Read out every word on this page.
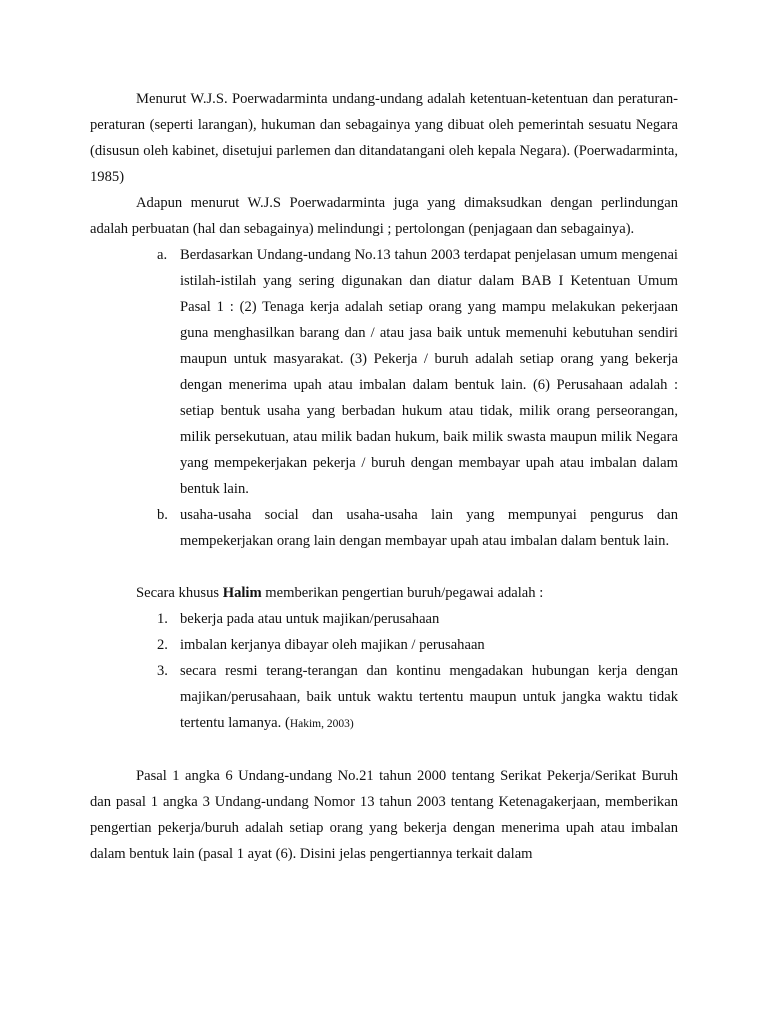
Menurut W.J.S. Poerwadarminta undang-undang adalah ketentuan-ketentuan dan peraturan-peraturan (seperti larangan), hukuman dan sebagainya yang dibuat oleh pemerintah sesuatu Negara (disusun oleh kabinet, disetujui parlemen dan ditandatangani oleh kepala Negara). (Poerwadarminta, 1985)

Adapun menurut W.J.S Poerwadarminta juga yang dimaksudkan dengan perlindungan adalah perbuatan (hal dan sebagainya) melindungi ; pertolongan (penjagaan dan sebagainya).

a. Berdasarkan Undang-undang No.13 tahun 2003 terdapat penjelasan umum mengenai istilah-istilah yang sering digunakan dan diatur dalam BAB I Ketentuan Umum Pasal 1 : (2) Tenaga kerja adalah setiap orang yang mampu melakukan pekerjaan guna menghasilkan barang dan / atau jasa baik untuk memenuhi kebutuhan sendiri maupun untuk masyarakat. (3) Pekerja / buruh adalah setiap orang yang bekerja dengan menerima upah atau imbalan dalam bentuk lain. (6) Perusahaan adalah : setiap bentuk usaha yang berbadan hukum atau tidak, milik orang perseorangan, milik persekutuan, atau milik badan hukum, baik milik swasta maupun milik Negara yang mempekerjakan pekerja / buruh dengan membayar upah atau imbalan dalam bentuk lain.
b. usaha-usaha social dan usaha-usaha lain yang mempunyai pengurus dan mempekerjakan orang lain dengan membayar upah atau imbalan dalam bentuk lain.

Secara khusus Halim memberikan pengertian buruh/pegawai adalah :

1. bekerja pada atau untuk majikan/perusahaan
2. imbalan kerjanya dibayar oleh majikan / perusahaan
3. secara resmi terang-terangan dan kontinu mengadakan hubungan kerja dengan majikan/perusahaan, baik untuk waktu tertentu maupun untuk jangka waktu tidak tertentu lamanya. (Hakim, 2003)

Pasal 1 angka 6 Undang-undang No.21 tahun 2000 tentang Serikat Pekerja/Serikat Buruh dan pasal 1 angka 3 Undang-undang Nomor 13 tahun 2003 tentang Ketenagakerjaan, memberikan pengertian pekerja/buruh adalah setiap orang yang bekerja dengan menerima upah atau imbalan dalam bentuk lain (pasal 1 ayat (6). Disini jelas pengertiannya terkait dalam
